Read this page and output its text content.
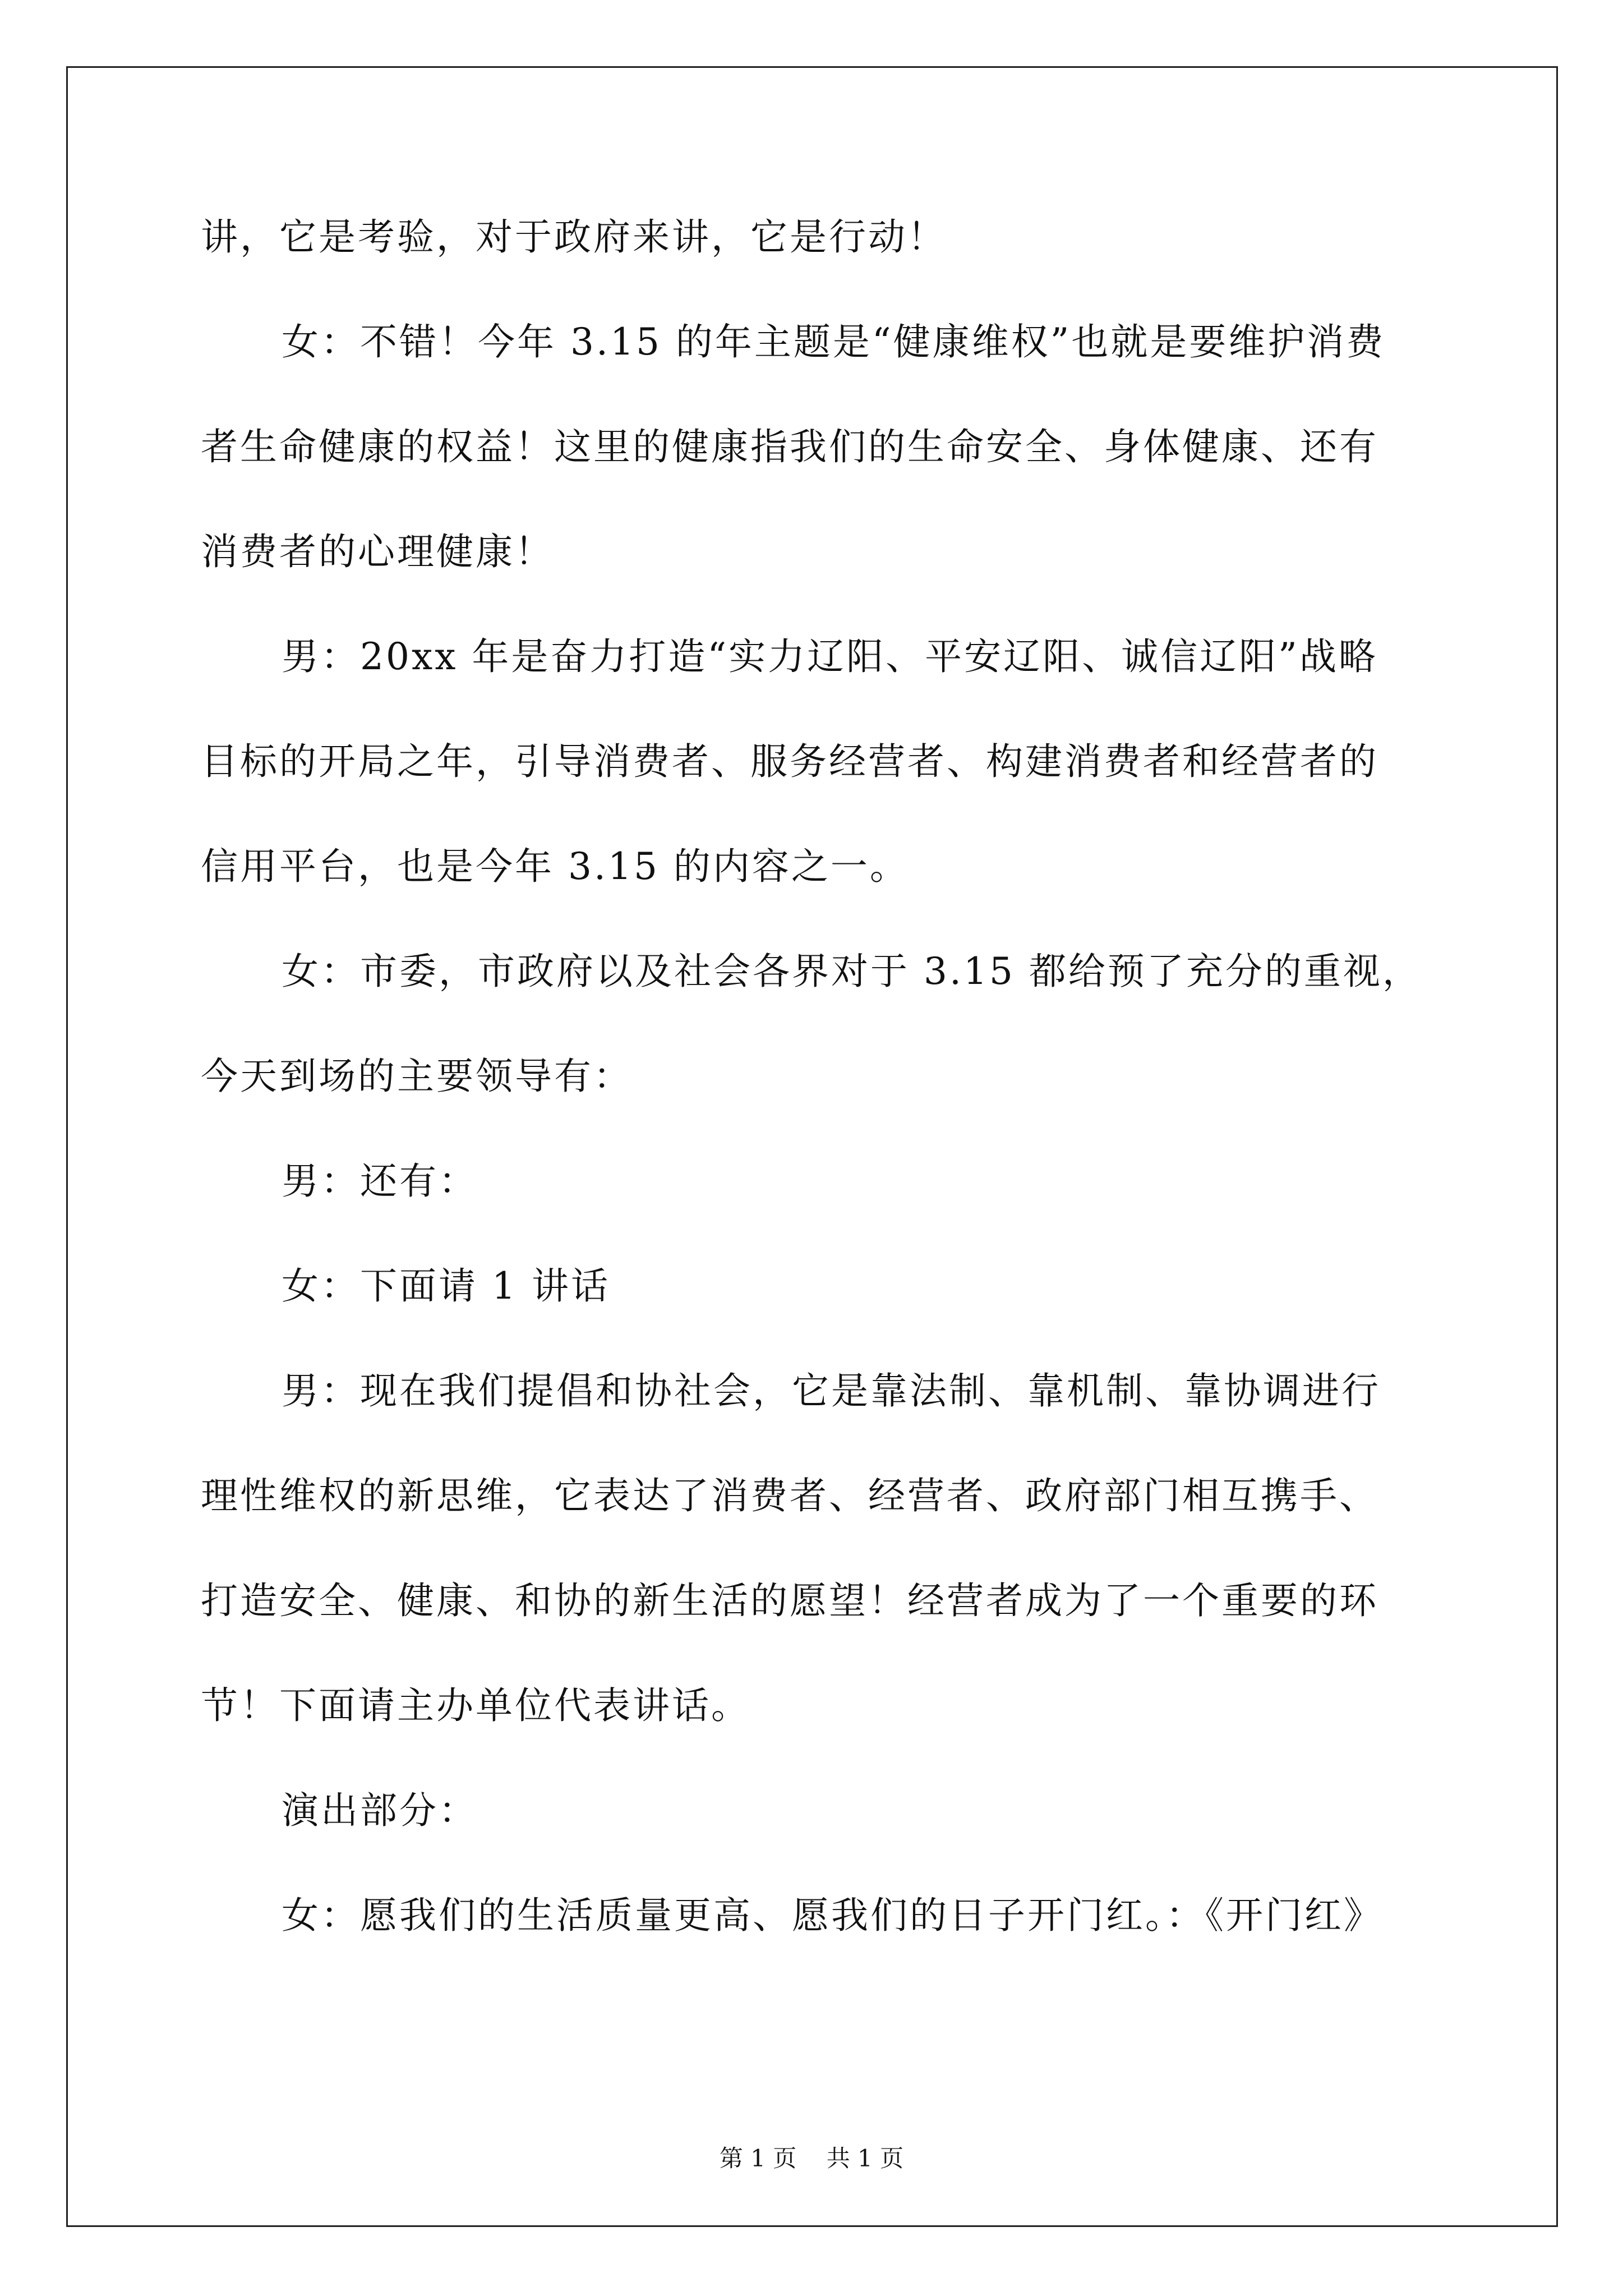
讲，它是考验，对于政府来讲，它是行动！
女：不错！今年 3.15 的年主题是“健康维权”也就是要维护消费
者生命健康的权益！这里的健康指我们的生命安全、身体健康、还有
消费者的心理健康！
男：20xx 年是奋力打造“实力辽阳、平安辽阳、诚信辽阳”战略
目标的开局之年，引导消费者、服务经营者、构建消费者和经营者的
信用平台，也是今年 3.15 的内容之一。
女：市委，市政府以及社会各界对于 3.15 都给预了充分的重视，
今天到场的主要领导有：
男：还有：
女：下面请 1 讲话
男：现在我们提倡和协社会，它是靠法制、靠机制、靠协调进行
理性维权的新思维，它表达了消费者、经营者、政府部门相互携手、
打造安全、健康、和协的新生活的愿望！经营者成为了一个重要的环
节！下面请主办单位代表讲话。
演出部分：
女：愿我们的生活质量更高、愿我们的日子开门红。：《开门红》
第 1 页    共 1 页
